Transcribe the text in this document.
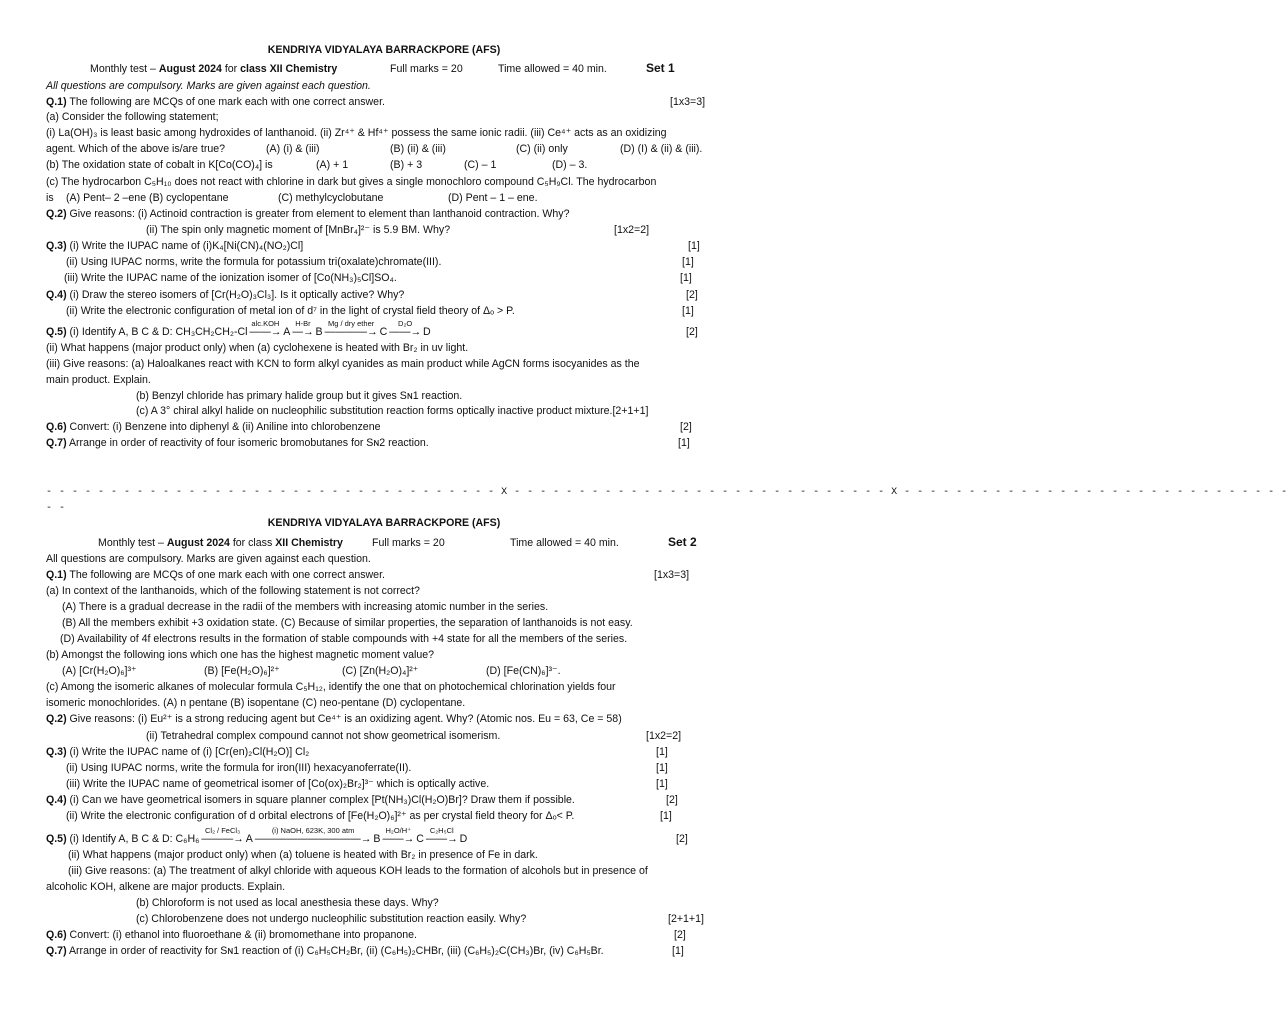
KENDRIYA VIDYALAYA BARRACKPORE (AFS)
Monthly test – August 2024 for class XII Chemistry	Full marks = 20	Time allowed = 40 min.	Set 1
All questions are compulsory. Marks are given against each question.
Q.1) The following are MCQs of one mark each with one correct answer.	[1x3=3]
(a) Consider the following statement;
(i) La(OH)₃ is least basic among hydroxides of lanthanoid. (ii) Zr⁴⁺ & Hf⁴⁺ possess the same ionic radii. (iii) Ce⁴⁺ acts as an oxidizing
agent. Which of the above is/are true?	(A) (i) & (iii)	(B) (ii) & (iii)	(C) (ii) only	(D) (I) & (ii) & (iii).
(b) The oxidation state of cobalt in K[Co(CO)₄] is	(A) + 1	(B) + 3	(C) – 1	(D) – 3.
(c) The hydrocarbon C₅H₁₀ does not react with chlorine in dark but gives a single monochloro compound C₅H₉Cl. The hydrocarbon
is (A) Pent– 2 –ene (B) cyclopentane	(C) methylcyclobutane	(D) Pent – 1 – ene.
Q.2) Give reasons: (i) Actinoid contraction is greater from element to element than lanthanoid contraction. Why?
(ii) The spin only magnetic moment of [MnBr₄]²⁻ is 5.9 BM. Why?	[1x2=2]
Q.3) (i) Write the IUPAC name of (i)K₄[Ni(CN)₄(NO₂)Cl]	[1]
(ii) Using IUPAC norms, write the formula for potassium tri(oxalate)chromate(III).	[1]
(iii) Write the IUPAC name of the ionization isomer of [Co(NH₃)₅Cl]SO₄.	[1]
Q.4) (i) Draw the stereo isomers of [Cr(H₂O)₃Cl₃]. Is it optically active? Why?	[2]
(ii) Write the electronic configuration of metal ion of d⁷ in the light of crystal field theory of Δₒ > P.	[1]
Q.5) (i) Identify A, B C & D: CH₃CH₂CH₂-Cl
alc.KOH
——→ A
H-Br
—→ B
Mg / dry ether
————→ C
D₂O
——→ D	[2]
(ii) What happens (major product only) when (a) cyclohexene is heated with Br₂ in uv light.
(iii) Give reasons: (a) Haloalkanes react with KCN to form alkyl cyanides as main product while AgCN forms isocyanides as the
main product. Explain.
(b) Benzyl chloride has primary halide group but it gives Sɴ1 reaction.
(c) A 3° chiral alkyl halide on nucleophilic substitution reaction forms optically inactive product mixture.[2+1+1]
Q.6) Convert: (i) Benzene into diphenyl & (ii) Aniline into chlorobenzene	[2]
Q.7) Arrange in order of reactivity of four isomeric bromobutanes for Sɴ2 reaction.	[1]
- - - - - - - - - - - - - - - - - - - - - - - - - - - - - - - - - - - X - - - - - - - - - - - - - - - - - - - - - - - - - - - - - X - - - - - - - - - - - - - - - - - - - - - - - - - - - - - -
- -
KENDRIYA VIDYALAYA BARRACKPORE (AFS)
Monthly test – August 2024 for class XII Chemistry	Full marks = 20	Time allowed = 40 min.	Set 2
All questions are compulsory. Marks are given against each question.
Q.1) The following are MCQs of one mark each with one correct answer.	[1x3=3]
(a) In context of the lanthanoids, which of the following statement is not correct?
(A) There is a gradual decrease in the radii of the members with increasing atomic number in the series.
(B) All the members exhibit +3 oxidation state. (C) Because of similar properties, the separation of lanthanoids is not easy.
(D) Availability of 4f electrons results in the formation of stable compounds with +4 state for all the members of the series.
(b) Amongst the following ions which one has the highest magnetic moment value?
(A) [Cr(H₂O)₆]³⁺	(B) [Fe(H₂O)₆]²⁺	(C) [Zn(H₂O)₄]²⁺	(D) [Fe(CN)₆]³⁻.
(c) Among the isomeric alkanes of molecular formula C₅H₁₂, identify the one that on photochemical chlorination yields four
isomeric monochlorides. (A) n pentane (B) isopentane (C) neo-pentane (D) cyclopentane.
Q.2) Give reasons: (i) Eu²⁺ is a strong reducing agent but Ce⁴⁺ is an oxidizing agent. Why? (Atomic nos. Eu = 63, Ce = 58)
(ii) Tetrahedral complex compound cannot not show geometrical isomerism.	[1x2=2]
Q.3) (i) Write the IUPAC name of (i) [Cr(en)₂Cl(H₂O)] Cl₂	[1]
(ii) Using IUPAC norms, write the formula for iron(III) hexacyanoferrate(II).	[1]
(iii) Write the IUPAC name of geometrical isomer of [Co(ox)₂Br₂]³⁻ which is optically active.	[1]
Q.4) (i) Can we have geometrical isomers in square planner complex [Pt(NH₃)Cl(H₂O)Br]? Draw them if possible.	[2]
(ii) Write the electronic configuration of d orbital electrons of [Fe(H₂O)₆]²⁺ as per crystal field theory for Δₒ< P.	[1]
Q.5) (i) Identify A, B C & D: C₆H₆
Cl₂ / FeCl₃
———→ A
(i) NaOH, 623K, 300 atm
——————————→ B
H₂O/H⁺
——→ C
C₂H₅Cl
——→ D	[2]
(ii) What happens (major product only) when (a) toluene is heated with Br₂ in presence of Fe in dark.
(iii) Give reasons: (a) The treatment of alkyl chloride with aqueous KOH leads to the formation of alcohols but in presence of
alcoholic KOH, alkene are major products. Explain.
(b) Chloroform is not used as local anesthesia these days. Why?
(c) Chlorobenzene does not undergo nucleophilic substitution reaction easily. Why?	[2+1+1]
Q.6) Convert: (i) ethanol into fluoroethane & (ii) bromomethane into propanone.	[2]
Q.7) Arrange in order of reactivity for Sɴ1 reaction of (i) C₆H₅CH₂Br, (ii) (C₆H₅)₂CHBr, (iii) (C₆H₅)₂C(CH₃)Br, (iv) C₆H₅Br.	[1]
